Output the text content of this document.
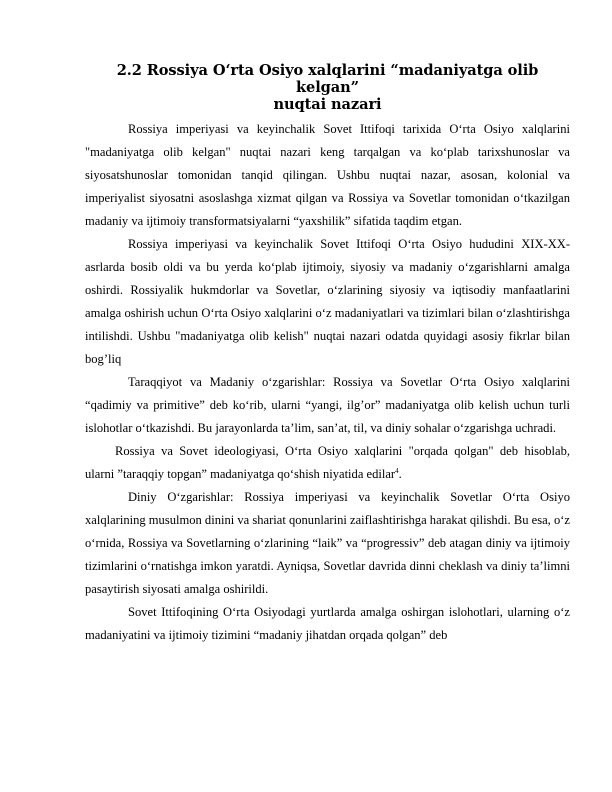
2.2 Rossiya O‘rta Osiyo xalqlarini “madaniyatga olib kelgan”
nuqtai nazari

Rossiya imperiyasi va keyinchalik Sovet Ittifoqi tarixida O‘rta Osiyo xalqlarini "madaniyatga olib kelgan" nuqtai nazari keng tarqalgan va ko‘plab tarixshunoslar va siyosatshunoslar tomonidan tanqid qilingan. Ushbu nuqtai nazar, asosan, kolonial va imperiyalist siyosatni asoslashga xizmat qilgan va Rossiya va Sovetlar tomonidan o‘tkazilgan madaniy va ijtimoiy transformatsiyalarni “yaxshilik” sifatida taqdim etgan.

Rossiya imperiyasi va keyinchalik Sovet Ittifoqi O‘rta Osiyo hududini XIX-XX-asrlarda bosib oldi va bu yerda ko‘plab ijtimoiy, siyosiy va madaniy o‘zgarishlarni amalga oshirdi. Rossiyalik hukmdorlar va Sovetlar, o‘zlarining siyosiy va iqtisodiy manfaatlarini amalga oshirish uchun O‘rta Osiyo xalqlarini o‘z madaniyatlari va tizimlari bilan o‘zlashtirishga intilishdi. Ushbu "madaniyatga olib kelish" nuqtai nazari odatda quyidagi asosiy fikrlar bilan bog’liq

Taraqqiyot va Madaniy o‘zgarishlar: Rossiya va Sovetlar O‘rta Osiyo xalqlarini “qadimiy va primitive” deb ko‘rib, ularni “yangi, ilg’or” madaniyatga olib kelish uchun turli islohotlar o‘tkazishdi. Bu jarayonlarda ta’lim, san’at, til, va diniy sohalar o‘zgarishga uchradi.

Rossiya va Sovet ideologiyasi, O‘rta Osiyo xalqlarini "orqada qolgan" deb hisoblab, ularni ”taraqqiy topgan” madaniyatga qo‘shish niyatida edilar$^4$.

Diniy O‘zgarishlar: Rossiya imperiyasi va keyinchalik Sovetlar O‘rta Osiyo xalqlarining musulmon dinini va shariat qonunlarini zaiflashtirishga harakat qilishdi. Bu esa, o‘z o‘rnida, Rossiya va Sovetlarning o‘zlarining “laik” va “progressiv” deb atagan diniy va ijtimoiy tizimlarini o‘rnatishga imkon yaratdi. Ayniqsa, Sovetlar davrida dinni cheklash va diniy ta’limni pasaytirish siyosati amalga oshirildi.

Sovet Ittifoqining O‘rta Osiyodagi yurtlarda amalga oshirgan islohotlari, ularning o‘z madaniyatini va ijtimoiy tizimini “madaniy jihatdan orqada qolgan” deb
